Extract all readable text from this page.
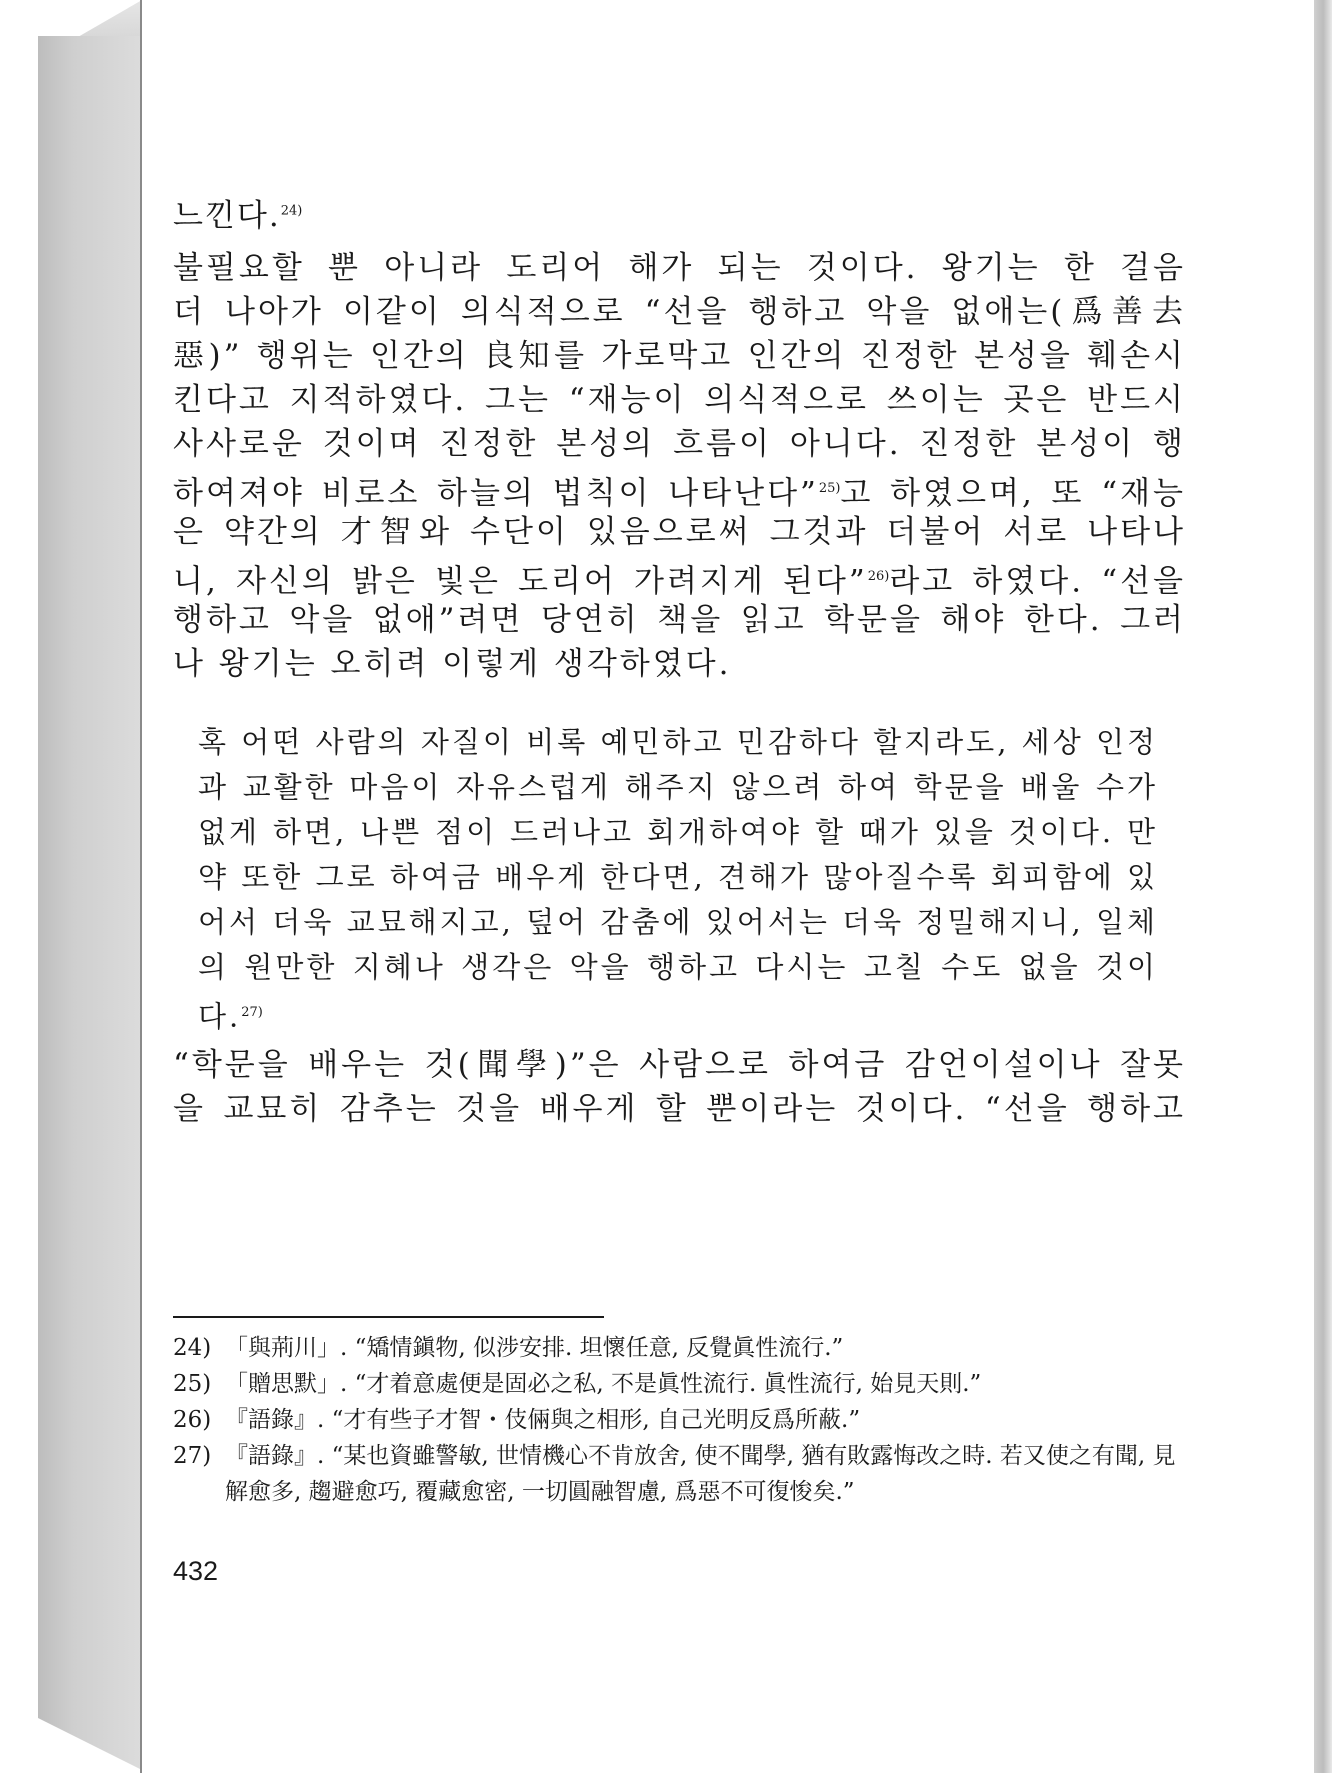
느낀다.$^{24)}$
불필요할 뿐 아니라 도리어 해가 되는 것이다. 왕기는 한 걸음
더 나아가 이같이 의식적으로 “선을 행하고 악을 없애는(爲善去
惡)” 행위는 인간의 良知를 가로막고 인간의 진정한 본성을 훼손시
킨다고 지적하였다. 그는 “재능이 의식적으로 쓰이는 곳은 반드시
사사로운 것이며 진정한 본성의 흐름이 아니다. 진정한 본성이 행
하여져야 비로소 하늘의 법칙이 나타난다”$^{25)}$고 하였으며, 또 “재능
은 약간의 才智와 수단이 있음으로써 그것과 더불어 서로 나타나
니, 자신의 밝은 빛은 도리어 가려지게 된다”$^{26)}$라고 하였다. “선을
행하고 악을 없애”려면 당연히 책을 읽고 학문을 해야 한다. 그러
나 왕기는 오히려 이렇게 생각하였다.
혹 어떤 사람의 자질이 비록 예민하고 민감하다 할지라도, 세상 인정과 교활한 마음이 자유스럽게 해주지 않으려 하여 학문을 배울 수가 없게 하면, 나쁜 점이 드러나고 회개하여야 할 때가 있을 것이다. 만약 또한 그로 하여금 배우게 한다면, 견해가 많아질수록 회피함에 있어서 더욱 교묘해지고, 덮어 감춤에 있어서는 더욱 정밀해지니, 일체의 원만한 지혜나 생각은 악을 행하고 다시는 고칠 수도 없을 것이다.$^{27)}$
“학문을 배우는 것(聞學)”은 사람으로 하여금 감언이설이나 잘못
을 교묘히 감추는 것을 배우게 할 뿐이라는 것이다. “선을 행하고
24) 「與荊川」. “矯情鎭物, 似涉安排. 坦懷任意, 反覺眞性流行.”
25) 「贈思默」. “才着意處便是固必之私, 不是眞性流行. 眞性流行, 始見天則.”
26) 『語錄』. “才有些子才智・伎倆與之相形, 自己光明反爲所蔽.”
27) 『語錄』. “某也資雖警敏, 世情機心不肯放舍, 使不聞學, 猶有敗露悔改之時. 若又使之有聞, 見解愈多, 趨避愈巧, 覆藏愈密, 一切圓融智慮, 爲惡不可復悛矣.”
432
